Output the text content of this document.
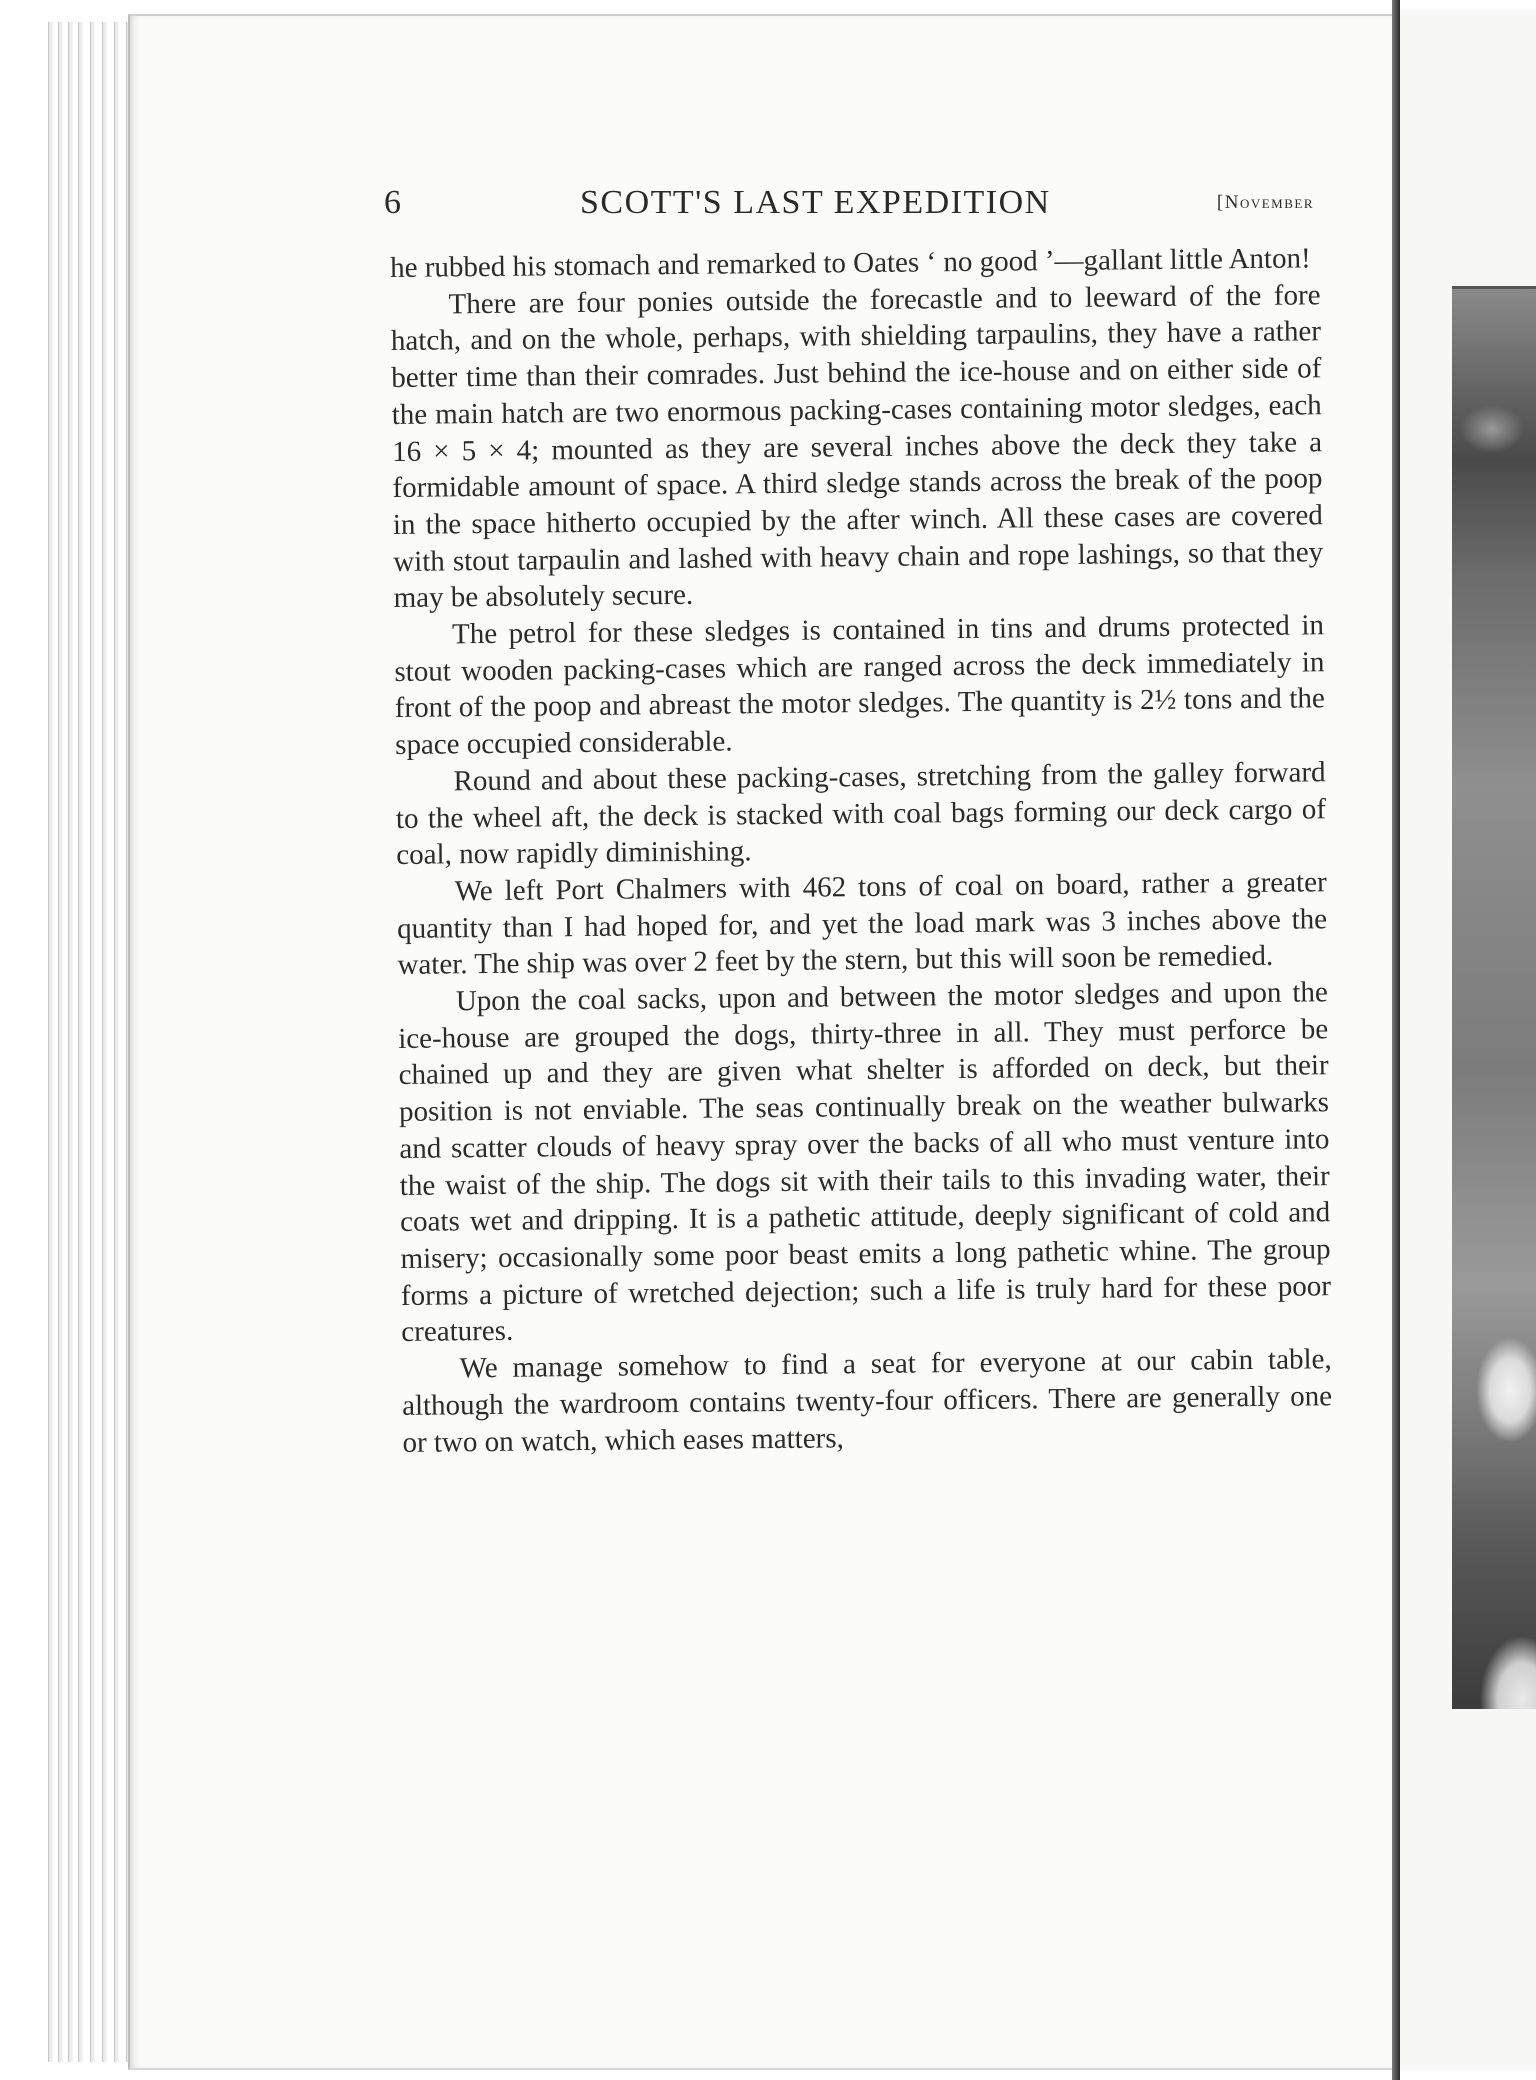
6	SCOTT'S LAST EXPEDITION	[November

he rubbed his stomach and remarked to Oates ‘ no good ’—gallant little Anton!

There are four ponies outside the forecastle and to leeward of the fore hatch, and on the whole, perhaps, with shielding tarpaulins, they have a rather better time than their comrades. Just behind the ice-house and on either side of the main hatch are two enormous packing-cases containing motor sledges, each 16 × 5 × 4; mounted as they are several inches above the deck they take a formidable amount of space. A third sledge stands across the break of the poop in the space hitherto occupied by the after winch. All these cases are covered with stout tarpaulin and lashed with heavy chain and rope lashings, so that they may be absolutely secure.

The petrol for these sledges is contained in tins and drums protected in stout wooden packing-cases which are ranged across the deck immediately in front of the poop and abreast the motor sledges. The quantity is 2½ tons and the space occupied considerable.

Round and about these packing-cases, stretching from the galley forward to the wheel aft, the deck is stacked with coal bags forming our deck cargo of coal, now rapidly diminishing.

We left Port Chalmers with 462 tons of coal on board, rather a greater quantity than I had hoped for, and yet the load mark was 3 inches above the water. The ship was over 2 feet by the stern, but this will soon be remedied.

Upon the coal sacks, upon and between the motor sledges and upon the ice-house are grouped the dogs, thirty-three in all. They must perforce be chained up and they are given what shelter is afforded on deck, but their position is not enviable. The seas continually break on the weather bulwarks and scatter clouds of heavy spray over the backs of all who must venture into the waist of the ship. The dogs sit with their tails to this invading water, their coats wet and dripping. It is a pathetic attitude, deeply significant of cold and misery; occasionally some poor beast emits a long pathetic whine. The group forms a picture of wretched dejection; such a life is truly hard for these poor creatures.

We manage somehow to find a seat for everyone at our cabin table, although the wardroom contains twenty-four officers. There are generally one or two on watch, which eases matters,
